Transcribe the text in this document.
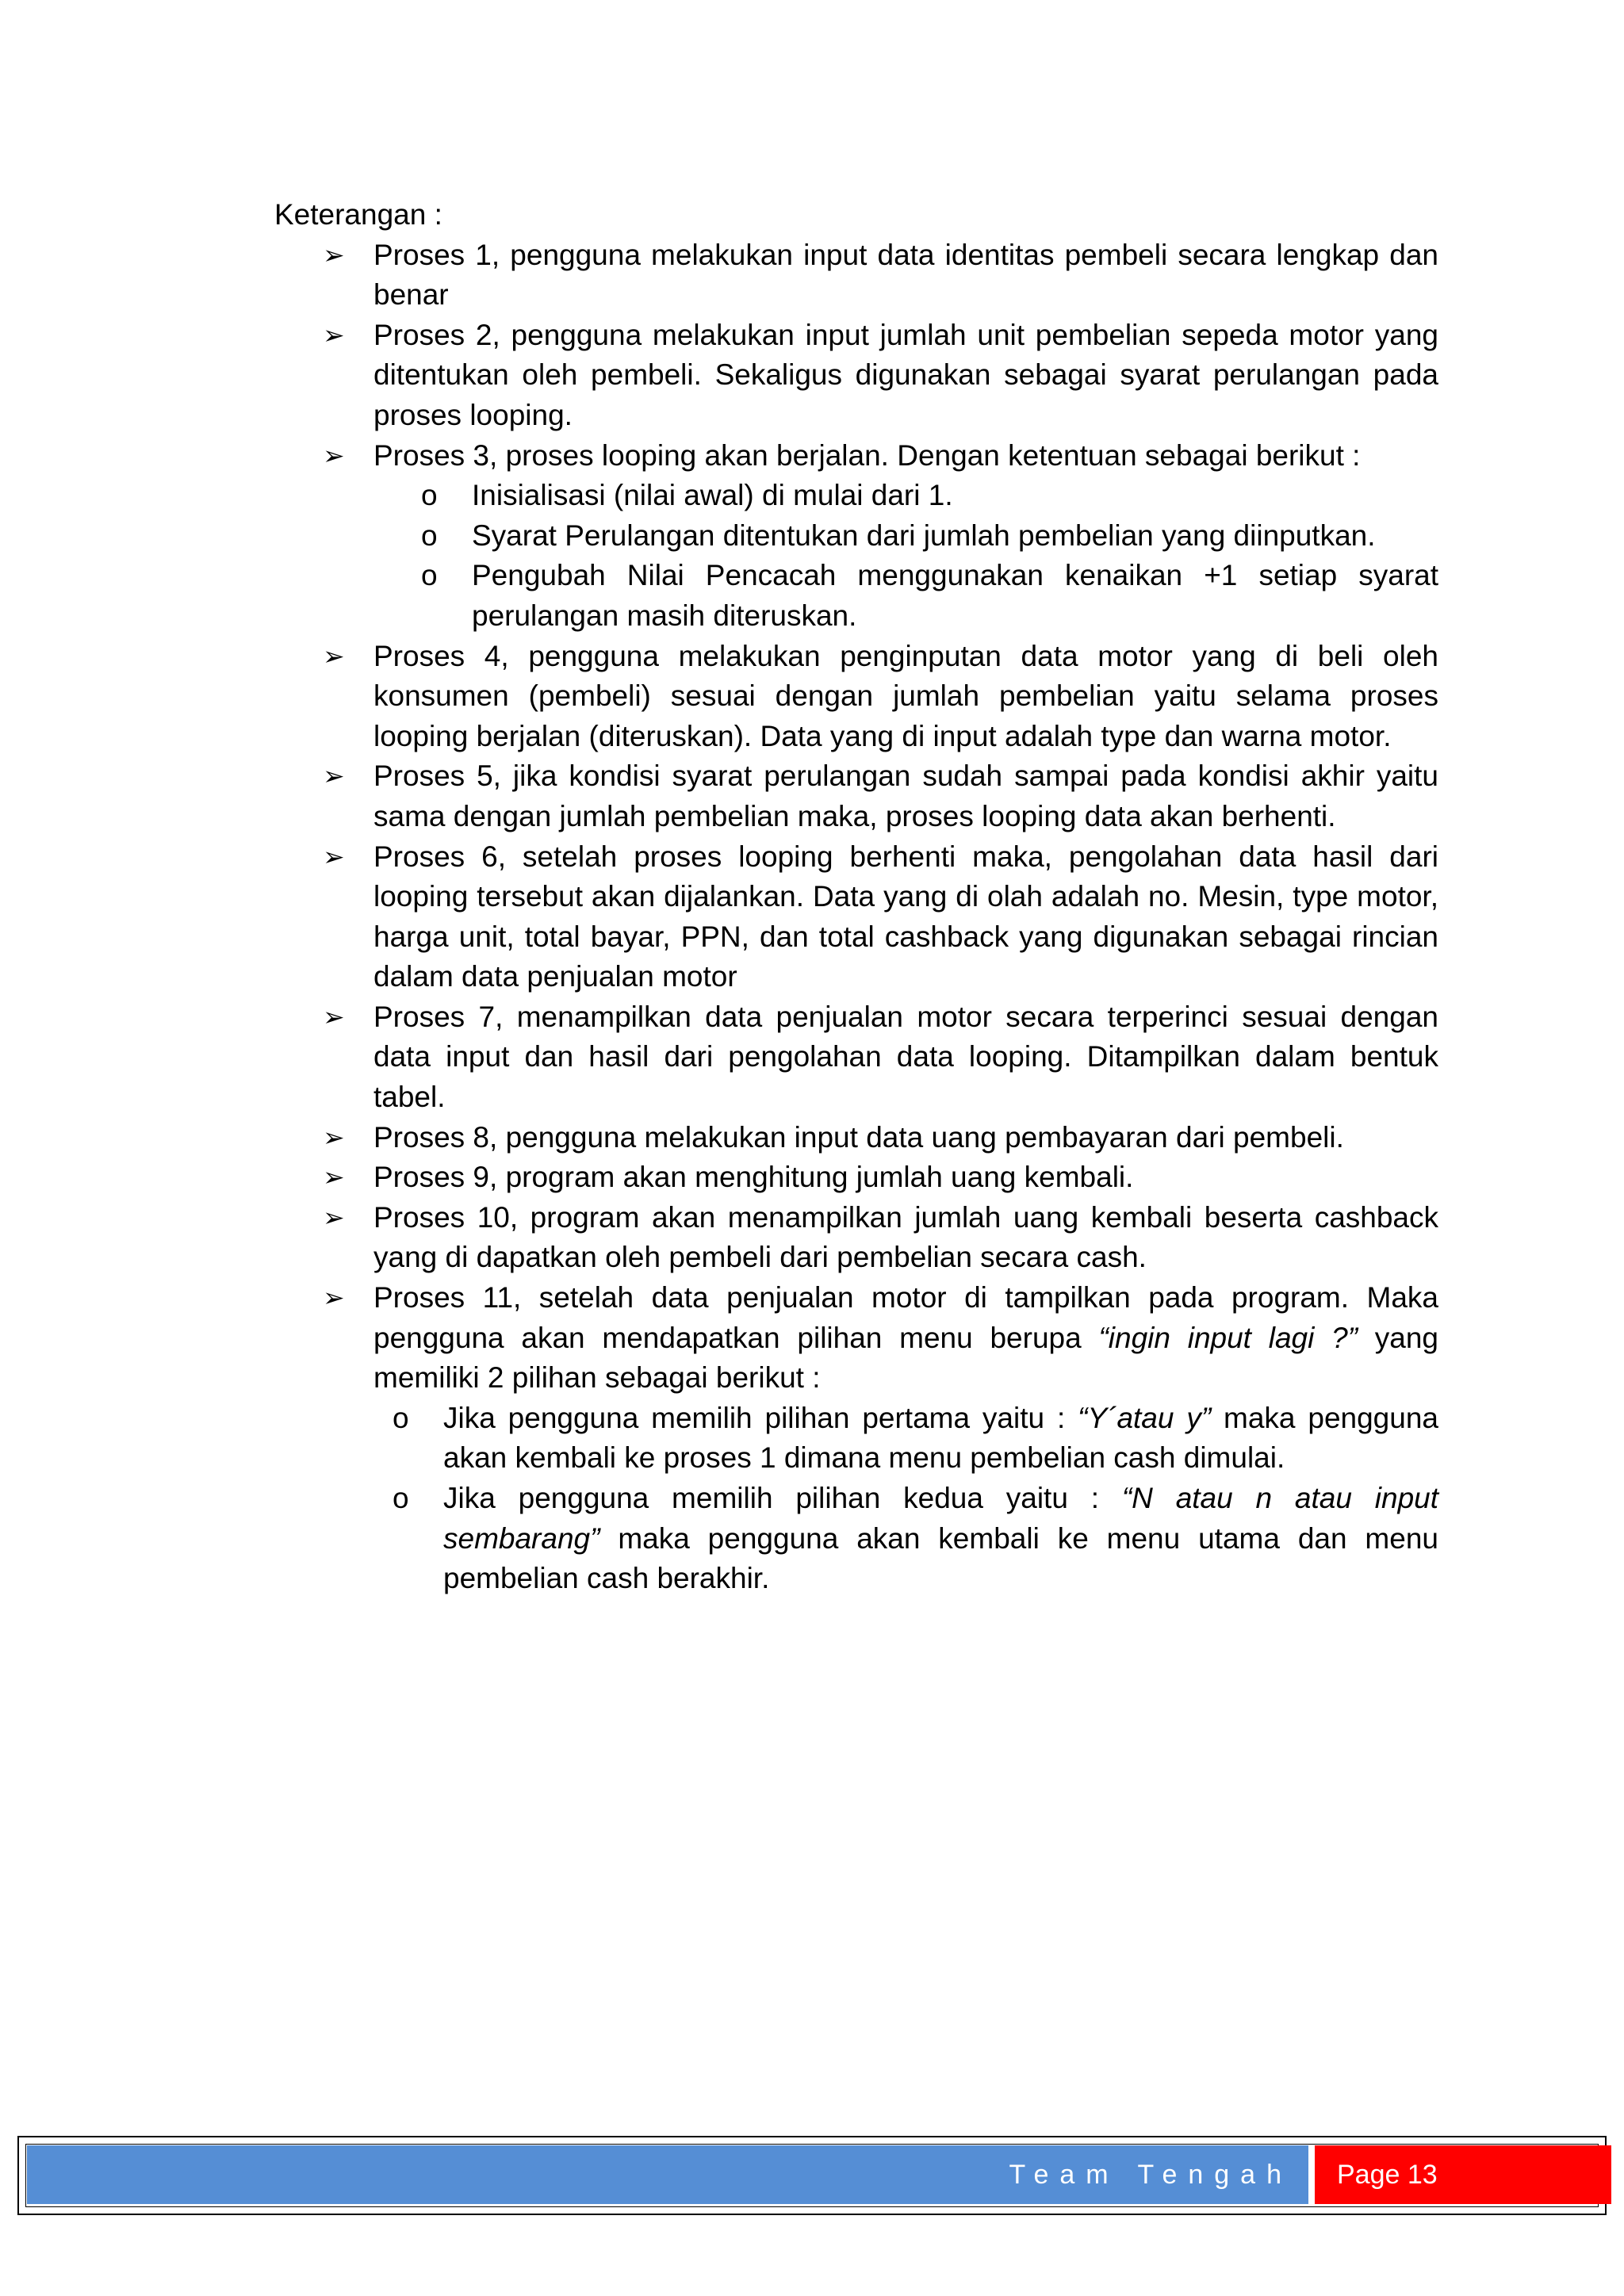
Keterangan :

➢ Proses 1, pengguna melakukan input data identitas pembeli secara lengkap dan benar
➢ Proses 2, pengguna melakukan input jumlah unit pembelian sepeda motor yang ditentukan oleh pembeli. Sekaligus digunakan sebagai syarat perulangan pada proses looping.
➢ Proses 3, proses looping akan berjalan. Dengan ketentuan sebagai berikut :
o Inisialisasi (nilai awal) di mulai dari 1.
o Syarat Perulangan ditentukan dari jumlah pembelian yang diinputkan.
o Pengubah Nilai Pencacah menggunakan kenaikan +1 setiap syarat perulangan masih diteruskan.
➢ Proses 4, pengguna melakukan penginputan data motor yang di beli oleh konsumen (pembeli) sesuai dengan jumlah pembelian yaitu selama proses looping berjalan (diteruskan). Data yang di input adalah type dan warna motor.
➢ Proses 5, jika kondisi syarat perulangan sudah sampai pada kondisi akhir yaitu sama dengan jumlah pembelian maka, proses looping data akan berhenti.
➢ Proses 6, setelah proses looping berhenti maka, pengolahan data hasil dari looping tersebut akan dijalankan. Data yang di olah adalah no. Mesin, type motor, harga unit, total bayar, PPN, dan total cashback yang digunakan sebagai rincian dalam data penjualan motor
➢ Proses 7, menampilkan data penjualan motor secara terperinci sesuai dengan data input dan hasil dari pengolahan data looping. Ditampilkan dalam bentuk tabel.
➢ Proses 8, pengguna melakukan input data uang pembayaran dari pembeli.
➢ Proses 9, program akan menghitung jumlah uang kembali.
➢ Proses 10, program akan menampilkan jumlah uang kembali beserta cashback yang di dapatkan oleh pembeli dari pembelian secara cash.
➢ Proses 11, setelah data penjualan motor di tampilkan pada program. Maka pengguna akan mendapatkan pilihan menu berupa “ingin input lagi ?” yang memiliki 2 pilihan sebagai berikut :
o Jika pengguna memilih pilihan pertama yaitu : “Y´atau y” maka pengguna akan kembali ke proses 1 dimana menu pembelian cash dimulai.
o Jika pengguna memilih pilihan kedua yaitu : “N atau n atau input sembarang” maka pengguna akan kembali ke menu utama dan menu pembelian cash berakhir.
Team Tengah	Page 13
